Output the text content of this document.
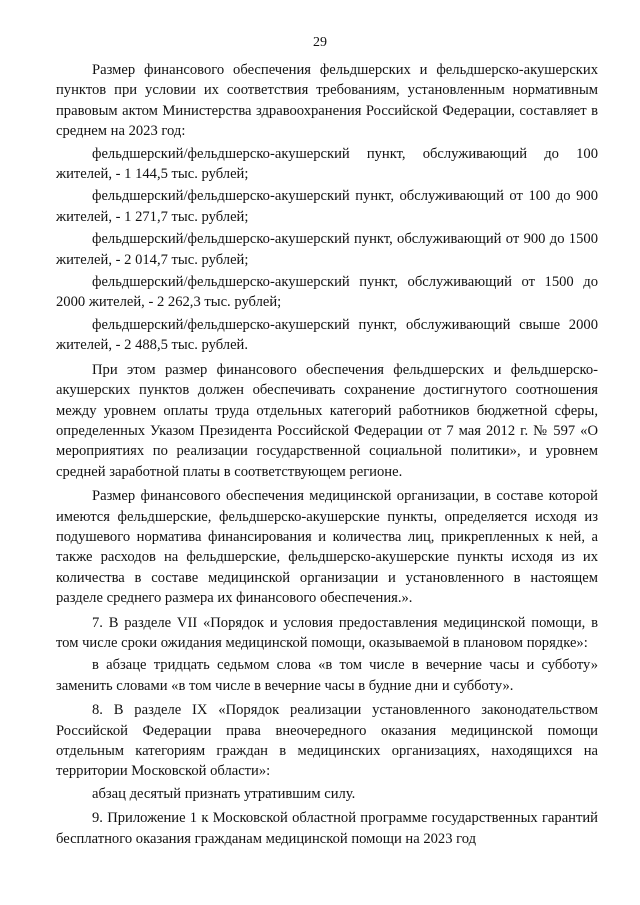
29

Размер финансового обеспечения фельдшерских и фельдшерско-акушерских пунктов при условии их соответствия требованиям, установленным нормативным правовым актом Министерства здравоохранения Российской Федерации, составляет в среднем на 2023 год:

фельдшерский/фельдшерско-акушерский пункт, обслуживающий до 100 жителей, - 1 144,5 тыс. рублей;

фельдшерский/фельдшерско-акушерский пункт, обслуживающий от 100 до 900 жителей, - 1 271,7 тыс. рублей;

фельдшерский/фельдшерско-акушерский пункт, обслуживающий от 900 до 1500 жителей, - 2 014,7 тыс. рублей;

фельдшерский/фельдшерско-акушерский пункт, обслуживающий от 1500 до 2000 жителей, - 2 262,3 тыс. рублей;

фельдшерский/фельдшерско-акушерский пункт, обслуживающий свыше 2000 жителей, - 2 488,5 тыс. рублей.

При этом размер финансового обеспечения фельдшерских и фельдшерско-акушерских пунктов должен обеспечивать сохранение достигнутого соотношения между уровнем оплаты труда отдельных категорий работников бюджетной сферы, определенных Указом Президента Российской Федерации от 7 мая 2012 г. № 597 «О мероприятиях по реализации государственной социальной политики», и уровнем средней заработной платы в соответствующем регионе.

Размер финансового обеспечения медицинской организации, в составе которой имеются фельдшерские, фельдшерско-акушерские пункты, определяется исходя из подушевого норматива финансирования и количества лиц, прикрепленных к ней, а также расходов на фельдшерские, фельдшерско-акушерские пункты исходя из их количества в составе медицинской организации и установленного в настоящем разделе среднего размера их финансового обеспечения.».

7. В разделе VII «Порядок и условия предоставления медицинской помощи, в том числе сроки ожидания медицинской помощи, оказываемой в плановом порядке»:

в абзаце тридцать седьмом слова «в том числе в вечерние часы и субботу» заменить словами «в том числе в вечерние часы в будние дни и субботу».

8. В разделе IX «Порядок реализации установленного законодательством Российской Федерации права внеочередного оказания медицинской помощи отдельным категориям граждан в медицинских организациях, находящихся на территории Московской области»:

абзац десятый признать утратившим силу.

9. Приложение 1 к Московской областной программе государственных гарантий бесплатного оказания гражданам медицинской помощи на 2023 год
